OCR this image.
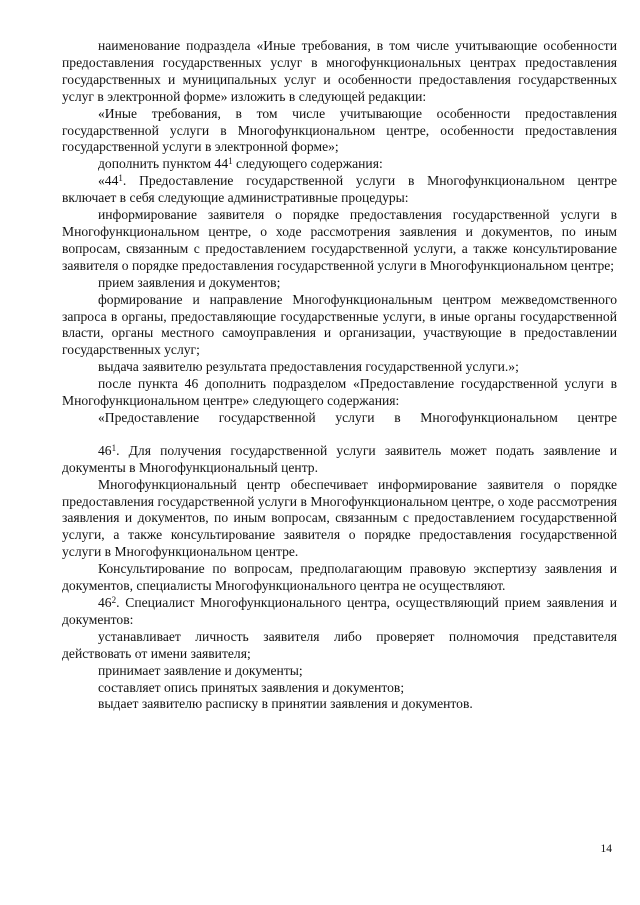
наименование подраздела «Иные требования, в том числе учитывающие особенности предоставления государственных услуг в многофункциональных центрах предоставления государственных и муниципальных услуг и особенности предоставления государственных услуг в электронной форме» изложить в следующей редакции:

«Иные требования, в том числе учитывающие особенности предоставления государственной услуги в Многофункциональном центре, особенности предоставления государственной услуги в электронной форме»;

дополнить пунктом $44^1$ следующего содержания:

«$44^1$. Предоставление государственной услуги в Многофункциональном центре включает в себя следующие административные процедуры:

информирование заявителя о порядке предоставления государственной услуги в Многофункциональном центре, о ходе рассмотрения заявления и документов, по иным вопросам, связанным с предоставлением государственной услуги, а также консультирование заявителя о порядке предоставления государственной услуги в Многофункциональном центре;

прием заявления и документов;

формирование и направление Многофункциональным центром межведомственного запроса в органы, предоставляющие государственные услуги, в иные органы государственной власти, органы местного самоуправления и организации, участвующие в предоставлении государственных услуг;

выдача заявителю результата предоставления государственной услуги.»;

после пункта 46 дополнить подразделом «Предоставление государственной услуги в Многофункциональном центре» следующего содержания:

«Предоставление государственной услуги в Многофункциональном центре

$46^1$. Для получения государственной услуги заявитель может подать заявление и документы в Многофункциональный центр.

Многофункциональный центр обеспечивает информирование заявителя о порядке предоставления государственной услуги в Многофункциональном центре, о ходе рассмотрения заявления и документов, по иным вопросам, связанным с предоставлением государственной услуги, а также консультирование заявителя о порядке предоставления государственной услуги в Многофункциональном центре.

Консультирование по вопросам, предполагающим правовую экспертизу заявления и документов, специалисты Многофункционального центра не осуществляют.

$46^2$. Специалист Многофункционального центра, осуществляющий прием заявления и документов:

устанавливает личность заявителя либо проверяет полномочия представителя действовать от имени заявителя;

принимает заявление и документы;

составляет опись принятых заявления и документов;

выдает заявителю расписку в принятии заявления и документов.

14
